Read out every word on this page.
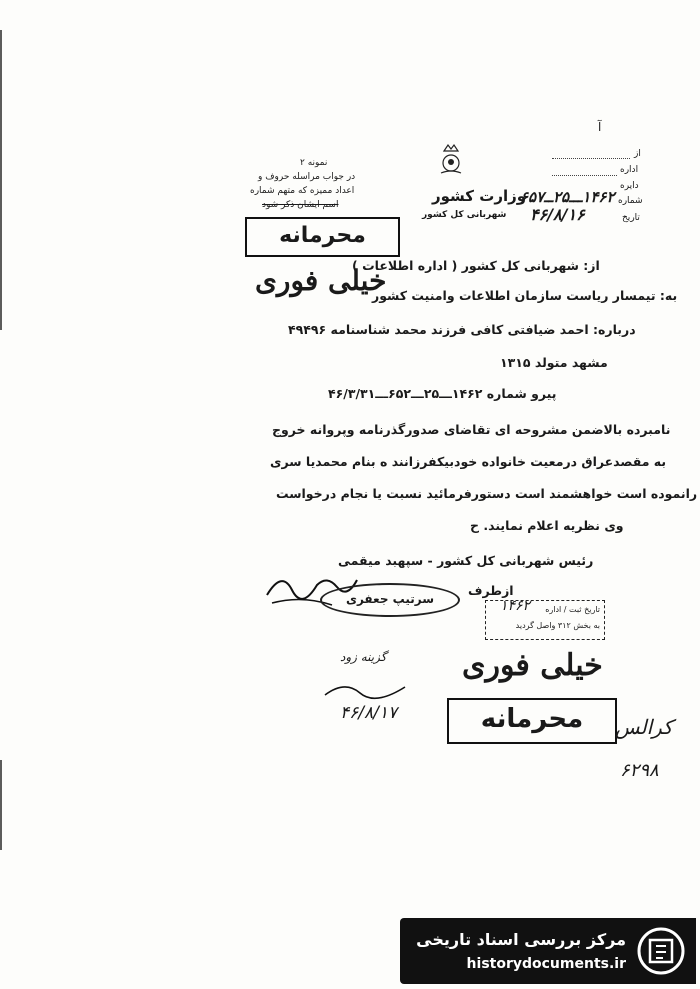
آ
از
اداره
دایره
شماره
تاریخ
۱۴۶۲ـــ۲۵ــ۶۵۷
۴۶/۸/۱۶
وزارت کشور
شهربانی کل کشور
نمونه ۲
در جواب مراسله حروف و
اعداد ممیزه که متهم شماره
اسم ایشان ذکر شود
محرمانه
خیلی فوری
از: شهربانی کل کشور ( اداره اطلاعات )
به: تیمسار ریاست سازمان اطلاعات وامنیت کشور
درباره: احمد ضیافتی کافی فرزند محمد شناسنامه ۴۹۴۹۶
مشهد متولد ۱۳۱۵
پیرو شماره ۱۴۶۲ـــ۲۵ـــ۶۵۲ـــ۴۶/۳/۳۱
نامبرده بالاضمن مشروحه ای تقاضای صدورگذرنامه وپروانه خروج
به مقصدعراق درمعیت خانواده خودبیکفرزانند ه بنام محمدیا سری
رانموده است خواهشمند است دستورفرمائید نسبت یا نجام درخواست
وی نظریه اعلام نمایند. ح
رئیس شهربانی کل کشور - سپهبد میقمی
ازطرف
سرتیپ جعفری
تاریخ ثبت / اداره
به بخش ۳۱۲ واصل گردید
۱۴۶۲
خیلی فوری
گزینه زود
۴۶/۸/۱۷	محرمانه	کرالس
۶۲۹۸
مرکز بررسی اسناد تاریخی
historydocuments.ir
